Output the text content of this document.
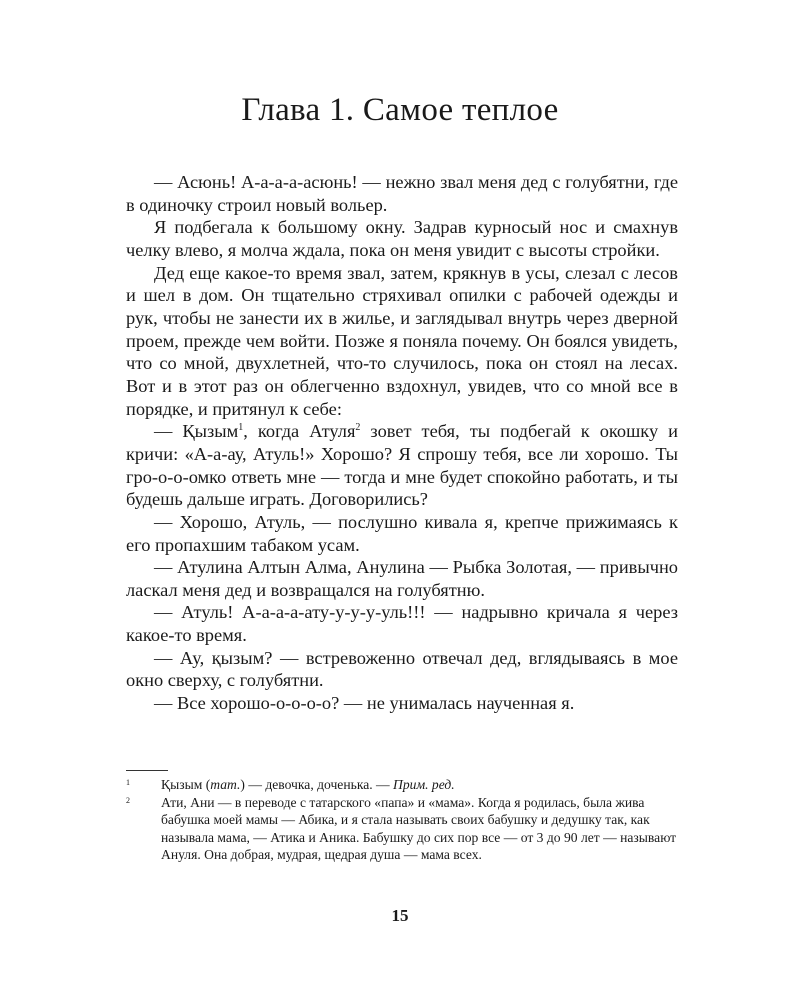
Глава 1. Самое теплое

— Асюнь! А-а-а-а-асюнь! — нежно звал меня дед с голубятни, где в одиночку строил новый вольер.

Я подбегала к большому окну. Задрав курносый нос и смахнув челку влево, я молча ждала, пока он меня увидит с высоты стройки.

Дед еще какое-то время звал, затем, крякнув в усы, слезал с лесов и шел в дом. Он тщательно стряхивал опилки с рабочей одежды и рук, чтобы не занести их в жилье, и заглядывал внутрь через дверной проем, прежде чем войти. Позже я поняла почему. Он боялся увидеть, что со мной, двухлетней, что-то случилось, пока он стоял на лесах. Вот и в этот раз он облегченно вздохнул, увидев, что со мной все в порядке, и притянул к себе:

— Қызым$^1$, когда Атуля$^2$ зовет тебя, ты подбегай к окошку и кричи: «А-а-ау, Атуль!» Хорошо? Я спрошу тебя, все ли хорошо. Ты гро-о-о-омко ответь мне — тогда и мне будет спокойно работать, и ты будешь дальше играть. Договорились?

— Хорошо, Атуль, — послушно кивала я, крепче прижимаясь к его пропахшим табаком усам.

— Атулина Алтын Алма, Анулина — Рыбка Золотая, — привычно ласкал меня дед и возвращался на голубятню.

— Атуль! А-а-а-а-ату-у-у-у-уль!!! — надрывно кричала я через какое-то время.

— Ау, қызым? — встревоженно отвечал дед, вглядываясь в мое окно сверху, с голубятни.

— Все хорошо-о-о-о-о? — не унималась наученная я.

1 Қызым (тат.) — девочка, доченька. — Прим. ред.

2 Ати, Ани — в переводе с татарского «папа» и «мама». Когда я родилась, была жива бабушка моей мамы — Абика, и я стала называть своих бабушку и дедушку так, как называла мама, — Атика и Аника. Бабушку до сих пор все — от 3 до 90 лет — называют Ануля. Она добрая, мудрая, щедрая душа — мама всех.

15
